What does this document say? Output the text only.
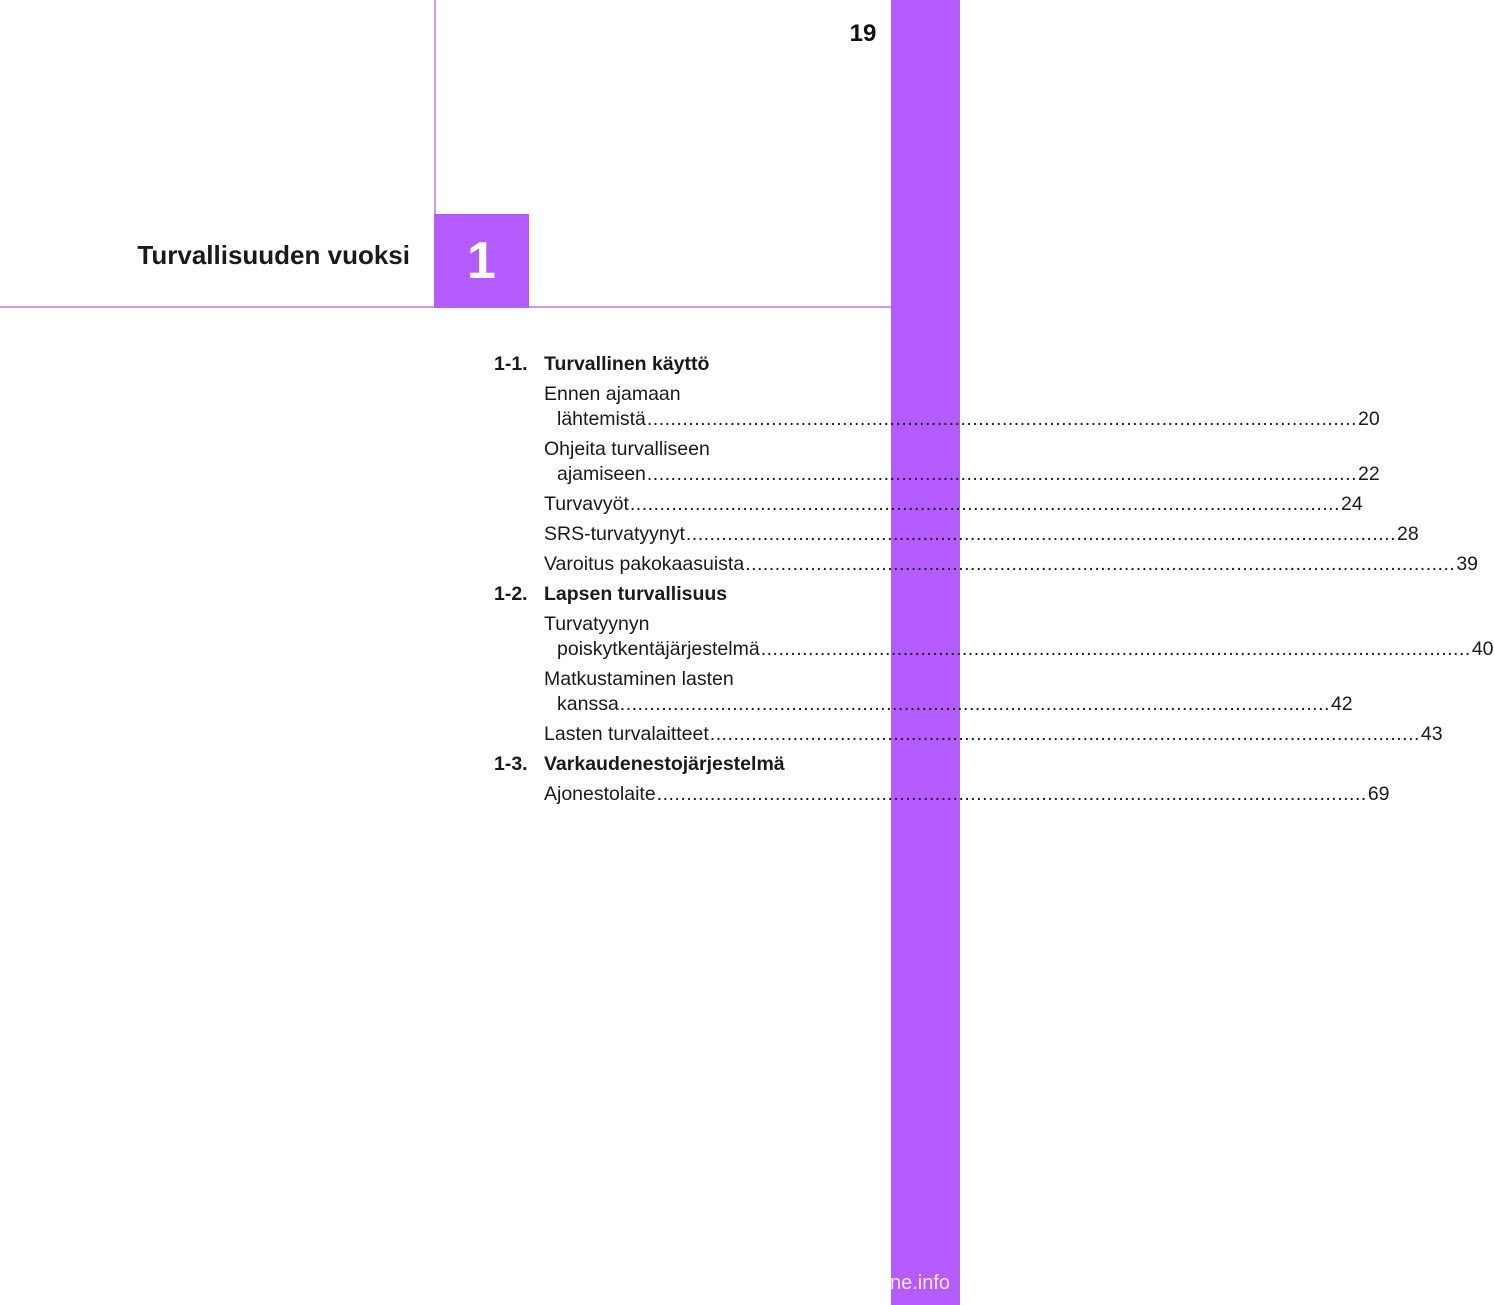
19
Turvallisuuden vuoksi 1
1-1. Turvallinen käyttö
Ennen ajamaan
lähtemistä ........................................................................................................................ 20
Ohjeita turvalliseen
ajamiseen ........................................................................................................................ 22
Turvavyöt ........................................................................................................................ 24
SRS-turvatyynyt ........................................................................................................................ 28
Varoitus pakokaasuista ........................................................................................................................ 39
1-2. Lapsen turvallisuus
Turvatyynyn
poiskytkentäjärjestelmä ........................................................................................................................ 40
Matkustaminen lasten
kanssa ........................................................................................................................ 42
Lasten turvalaitteet ........................................................................................................................ 43
1-3. Varkaudenestojärjestelmä
Ajonestolaite ........................................................................................................................ 69
carmanualsonline.info
